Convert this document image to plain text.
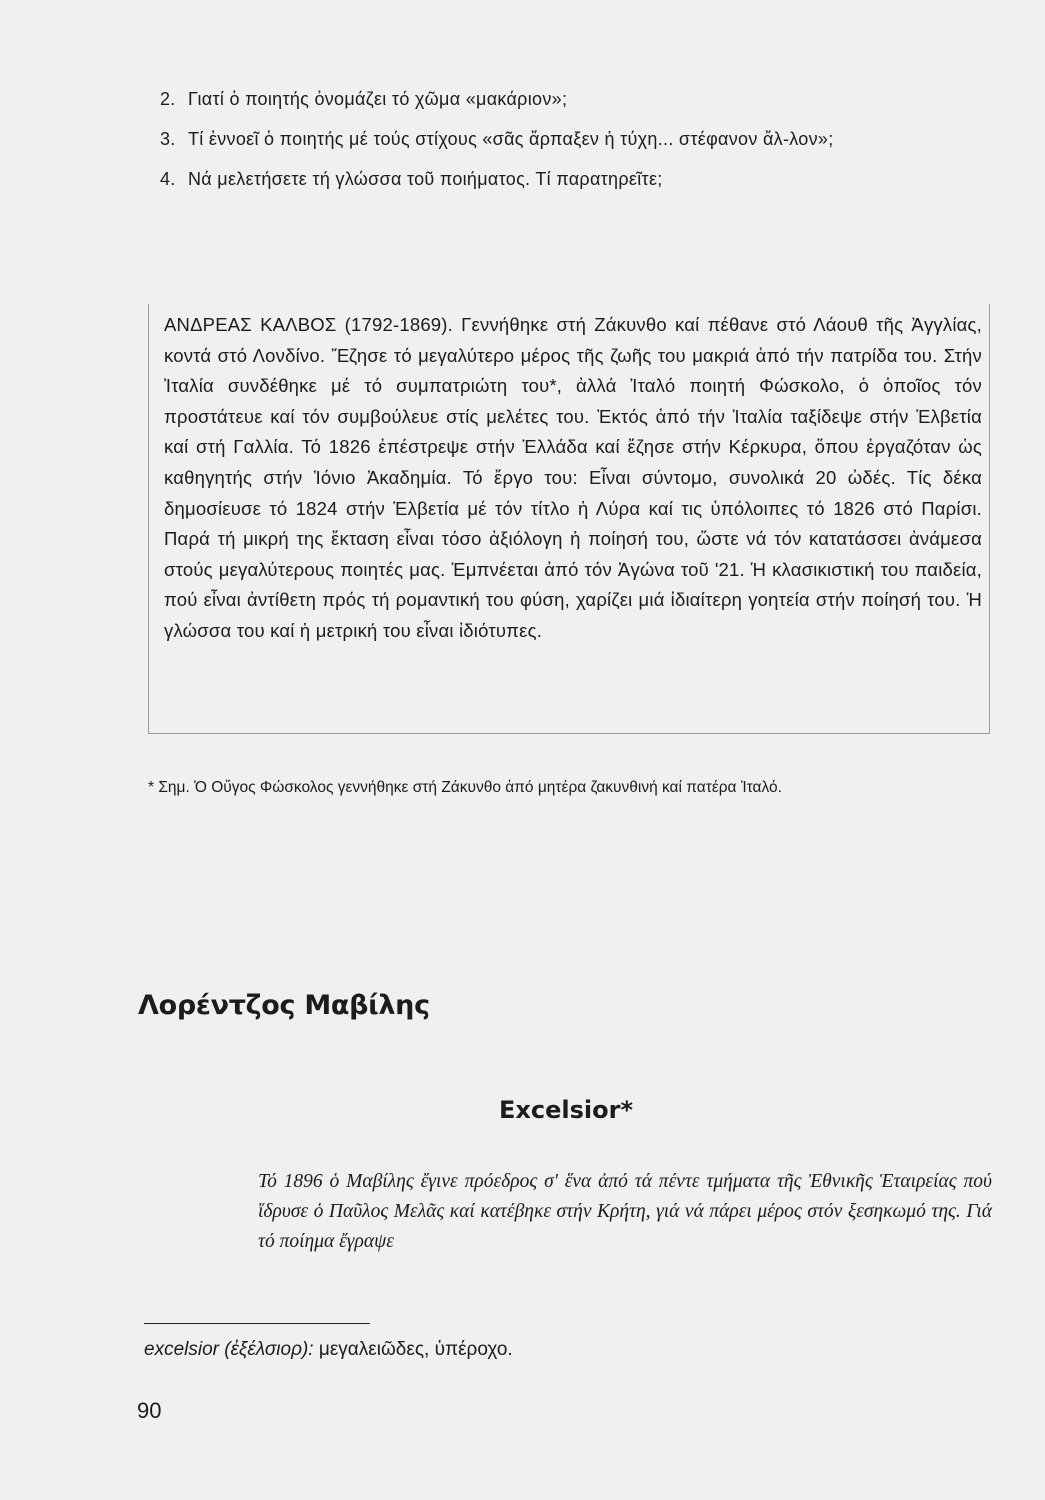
2. Γιατί ὁ ποιητής ὀνομάζει τό χῶμα «μακάριον»;
3. Τί ἐννοεῖ ὁ ποιητής μέ τούς στίχους «σᾶς ἅρπαξεν ἡ τύχη... στέφανον ἄλ-λον»;
4. Νά μελετήσετε τή γλώσσα τοῦ ποιήματος. Τί παρατηρεῖτε;
ΑΝΔΡΕΑΣ ΚΑΛΒΟΣ (1792-1869). Γεννήθηκε στή Ζάκυνθο καί πέθανε στό Λάουθ τῆς Ἀγγλίας, κοντά στό Λονδίνο. Ἔζησε τό μεγαλύτερο μέρος τῆς ζωῆς του μακριά ἀπό τήν πατρίδα του. Στήν Ἰταλία συνδέθηκε μέ τό συμπατριώτη του*, ἀλλά Ἰταλό ποιητή Φώσκολο, ὁ ὁποῖος τόν προστάτευε καί τόν συμβούλευε στίς μελέτες του. Ἐκτός ἀπό τήν Ἰταλία ταξίδεψε στήν Ἑλβετία καί στή Γαλλία. Τό 1826 ἐπέστρεψε στήν Ἑλλάδα καί ἔζησε στήν Κέρκυρα, ὅπου ἐργαζόταν ὡς καθηγητής στήν Ἰόνιο Ἀκαδημία. Τό ἔργο του: Εἶναι σύντομο, συνολικά 20 ὠδές. Τίς δέκα δημοσίευσε τό 1824 στήν Ἑλβετία μέ τόν τίτλο ἡ Λύρα καί τις ὑπόλοιπες τό 1826 στό Παρίσι. Παρά τή μικρή της ἔκταση εἶναι τόσο ἀξιόλογη ἡ ποίησή του, ὥστε νά τόν κατατάσσει ἀνάμεσα στούς μεγαλύτερους ποιητές μας. Ἐμπνέεται ἀπό τόν Ἀγώνα τοῦ '21. Ἡ κλασικιστική του παιδεία, πού εἶναι ἀντίθετη πρός τή ρομαντική του φύση, χαρίζει μιά ἰδιαίτερη γοητεία στήν ποίησή του. Ἡ γλώσσα του καί ἡ μετρική του εἶναι ἰδιότυπες.
* Σημ. Ὁ Οὔγος Φώσκολος γεννήθηκε στή Ζάκυνθο ἀπό μητέρα ζακυνθινή καί πατέρα Ἰταλό.
Λορέντζος Μαβίλης
Excelsior*
Τό 1896 ὁ Μαβίλης ἔγινε πρόεδρος σ' ἕνα ἀπό τά πέντε τμήματα τῆς Ἐθνικῆς Ἑταιρείας πού ἵδρυσε ὁ Παῦλος Μελᾶς καί κατέβηκε στήν Κρήτη, γιά νά πάρει μέρος στόν ξεσηκωμό της. Γιά τό ποίημα ἔγραψε
excelsior (ἐξέλσιορ): μεγαλειῶδες, ὑπέροχο.
90
